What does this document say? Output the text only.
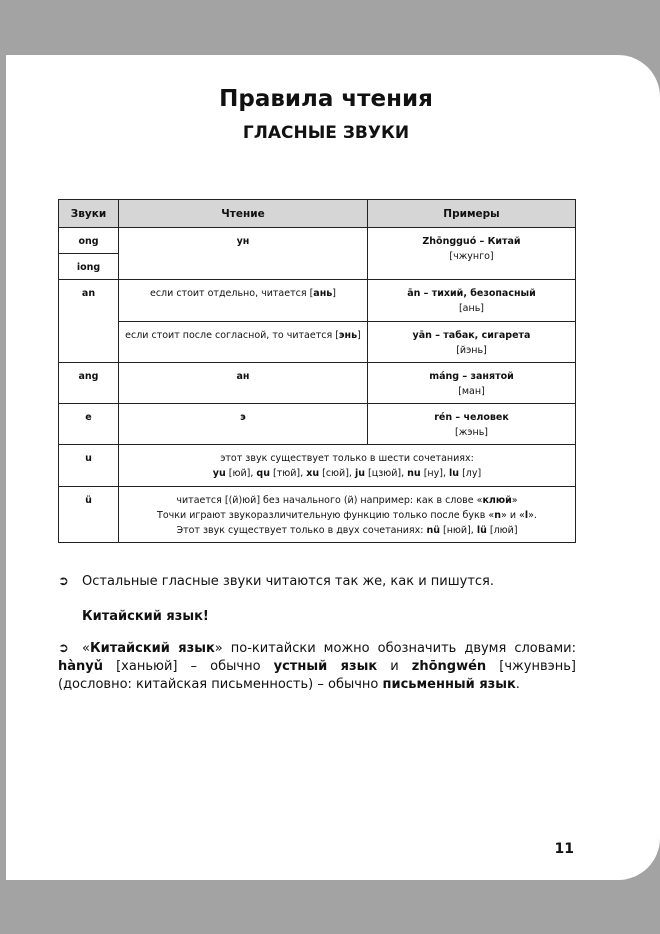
Правила чтения
ГЛАСНЫЕ ЗВУКИ
Звуки	Чтение	Примеры
ong	ун	Zhōngguó – Китай
[чжунго]

iong		
an	если стоит отдельно, читается [ань]	ān – тихий, безопасный
[ань]

	если стоит после согласной, то читается [энь]	yān – табак, сигарета
[йэнь]

ang	ан	máng – занятой
[ман]

e	э	rén – человек
[жэнь]

u	этот звук существует только в шести сочетаниях:
yu [юй], qu [тюй], xu [сюй], ju [цзюй], nu [ну], lu [лу]	

ü	читается [(й)юй] без начального (й) например: как в слове «клюй»
Точки играют звукоразличительную функцию только после букв «n» и «l».
Этот звук существует только в двух сочетаниях: nü [нюй], lü [люй]	
➲ Остальные гласные звуки читаются так же, как и пишутся.
Китайский язык!
➲ «Китайский язык» по-китайски можно обозначить двумя словами: hànyǔ [ханьюй] – обычно устный язык и zhōngwén [чжунвэнь] (дословно: китайская письменность) – обычно письменный язык.
11
